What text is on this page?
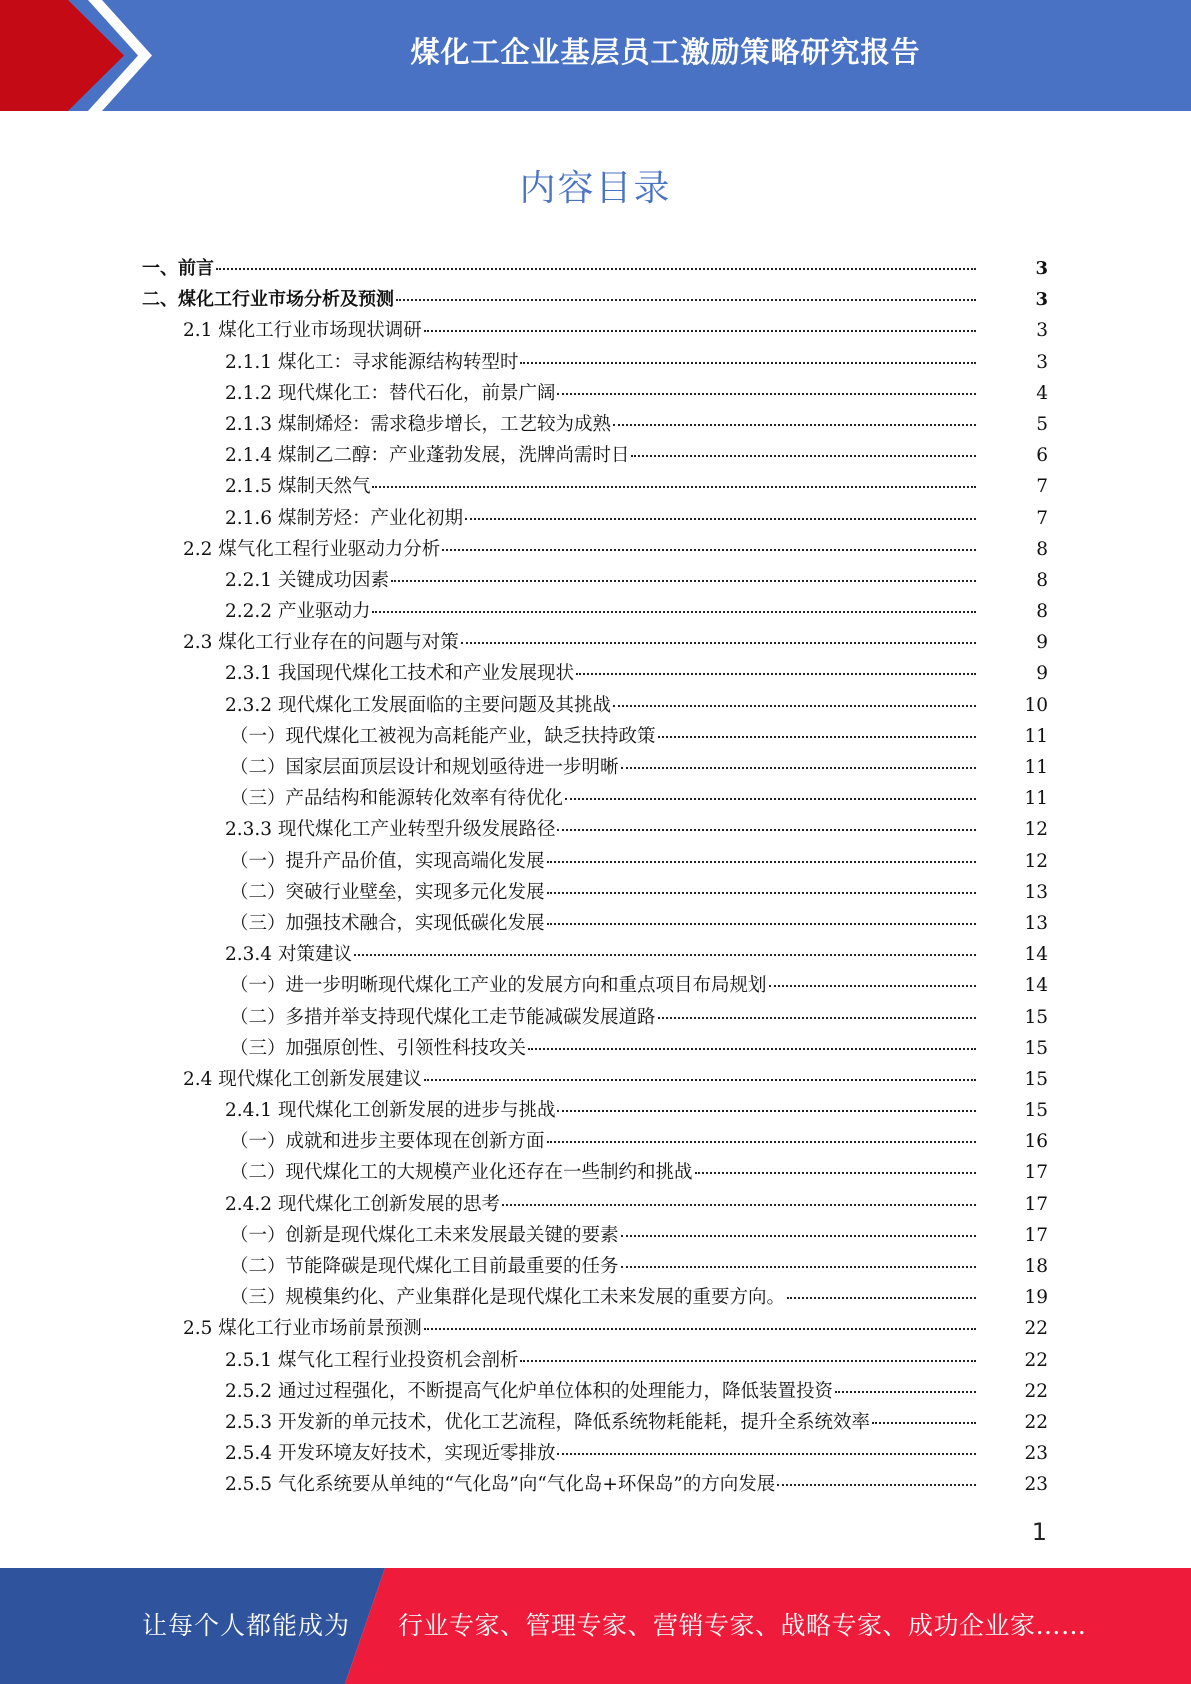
煤化工企业基层员工激励策略研究报告
内容目录
一、前言	3
二、煤化工行业市场分析及预测	3
2.1 煤化工行业市场现状调研	3
2.1.1 煤化工：寻求能源结构转型时	3
2.1.2 现代煤化工：替代石化，前景广阔	4
2.1.3 煤制烯烃：需求稳步增长，工艺较为成熟	5
2.1.4 煤制乙二醇：产业蓬勃发展，洗牌尚需时日	6
2.1.5 煤制天然气	7
2.1.6 煤制芳烃：产业化初期	7
2.2 煤气化工程行业驱动力分析	8
2.2.1 关键成功因素	8
2.2.2 产业驱动力	8
2.3 煤化工行业存在的问题与对策	9
2.3.1 我国现代煤化工技术和产业发展现状	9
2.3.2 现代煤化工发展面临的主要问题及其挑战	10
（一）现代煤化工被视为高耗能产业，缺乏扶持政策	11
（二）国家层面顶层设计和规划亟待进一步明晰	11
（三）产品结构和能源转化效率有待优化	11
2.3.3 现代煤化工产业转型升级发展路径	12
（一）提升产品价值，实现高端化发展	12
（二）突破行业壁垒，实现多元化发展	13
（三）加强技术融合，实现低碳化发展	13
2.3.4 对策建议	14
（一）进一步明晰现代煤化工产业的发展方向和重点项目布局规划	14
（二）多措并举支持现代煤化工走节能减碳发展道路	15
（三）加强原创性、引领性科技攻关	15
2.4 现代煤化工创新发展建议	15
2.4.1 现代煤化工创新发展的进步与挑战	15
（一）成就和进步主要体现在创新方面	16
（二）现代煤化工的大规模产业化还存在一些制约和挑战	17
2.4.2 现代煤化工创新发展的思考	17
（一）创新是现代煤化工未来发展最关键的要素	17
（二）节能降碳是现代煤化工目前最重要的任务	18
（三）规模集约化、产业集群化是现代煤化工未来发展的重要方向。	19
2.5 煤化工行业市场前景预测	22
2.5.1 煤气化工程行业投资机会剖析	22
2.5.2 通过过程强化，不断提高气化炉单位体积的处理能力，降低装置投资	22
2.5.3 开发新的单元技术，优化工艺流程，降低系统物耗能耗，提升全系统效率	22
2.5.4 开发环境友好技术，实现近零排放	23
2.5.5 气化系统要从单纯的“气化岛”向“气化岛+环保岛”的方向发展	23
1
让每个人都能成为 行业专家、管理专家、营销专家、战略专家、成功企业家……
